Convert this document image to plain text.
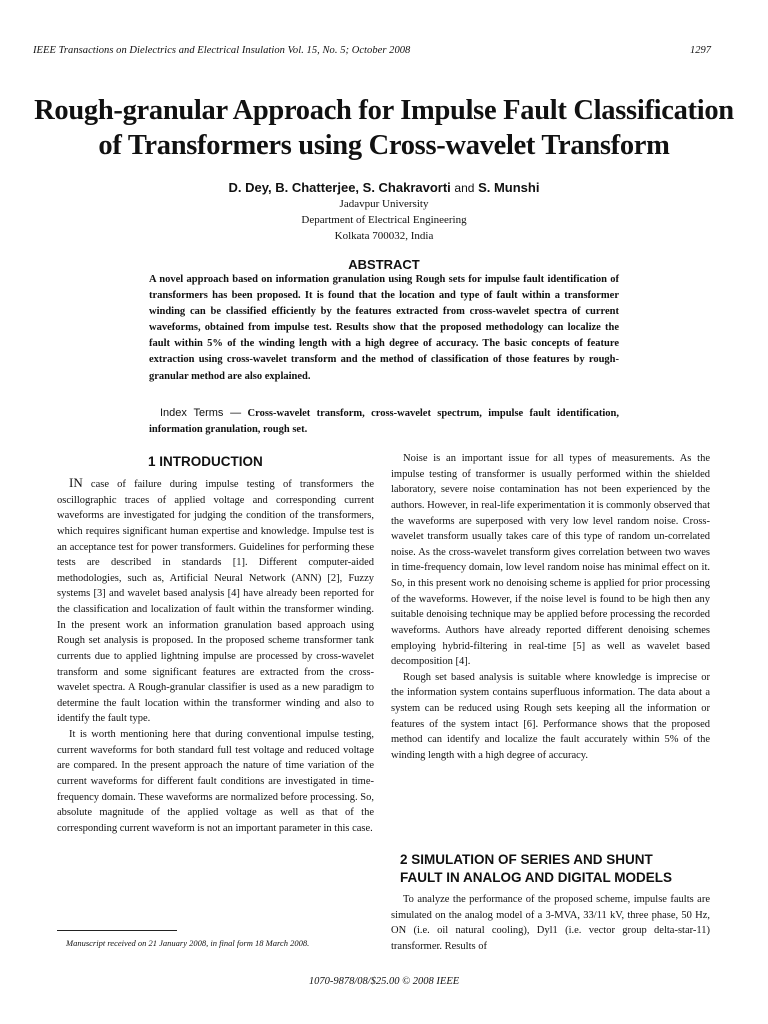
IEEE Transactions on Dielectrics and Electrical Insulation Vol. 15, No. 5; October 2008	1297
Rough-granular Approach for Impulse Fault Classification of Transformers using Cross-wavelet Transform
D. Dey, B. Chatterjee, S. Chakravorti and S. Munshi
Jadavpur University
Department of Electrical Engineering
Kolkata 700032, India
ABSTRACT
A novel approach based on information granulation using Rough sets for impulse fault identification of transformers has been proposed. It is found that the location and type of fault within a transformer winding can be classified efficiently by the features extracted from cross-wavelet spectra of current waveforms, obtained from impulse test. Results show that the proposed methodology can localize the fault within 5% of the winding length with a high degree of accuracy. The basic concepts of feature extraction using cross-wavelet transform and the method of classification of those features by rough-granular method are also explained.
Index Terms — Cross-wavelet transform, cross-wavelet spectrum, impulse fault identification, information granulation, rough set.
1 INTRODUCTION

IN case of failure during impulse testing of transformers the oscillographic traces of applied voltage and corresponding current waveforms are investigated for judging the condition of the transformers, which requires significant human expertise and knowledge. Impulse test is an acceptance test for power transformers. Guidelines for performing these tests are described in standards [1]. Different computer-aided methodologies, such as, Artificial Neural Network (ANN) [2], Fuzzy systems [3] and wavelet based analysis [4] have already been reported for the classification and localization of fault within the transformer winding. In the present work an information granulation based approach using Rough set analysis is proposed. In the proposed scheme transformer tank currents due to applied lightning impulse are processed by cross-wavelet transform and some significant features are extracted from the cross-wavelet spectra. A Rough-granular classifier is used as a new paradigm to determine the fault location within the transformer winding and also to identify the fault type.

It is worth mentioning here that during conventional impulse testing, current waveforms for both standard full test voltage and reduced voltage are compared. In the present approach the nature of time variation of the current waveforms for different fault conditions are investigated in time-frequency domain. These waveforms are normalized before processing. So, absolute magnitude of the applied voltage as well as that of the corresponding current waveform is not an important parameter in this case.

Manuscript received on 21 January 2008, in final form 18 March 2008.

Noise is an important issue for all types of measurements. As the impulse testing of transformer is usually performed within the shielded laboratory, severe noise contamination has not been experienced by the authors. However, in real-life experimentation it is commonly observed that the waveforms are superposed with very low level random noise. Cross-wavelet transform usually takes care of this type of random un-correlated noise. As the cross-wavelet transform gives correlation between two waves in time-frequency domain, low level random noise has minimal effect on it. So, in this present work no denoising scheme is applied for prior processing of the waveforms. However, if the noise level is found to be high then any suitable denoising technique may be applied before processing the recorded waveforms. Authors have already reported different denoising schemes employing hybrid-filtering in real-time [5] as well as wavelet based decomposition [4].

Rough set based analysis is suitable where knowledge is imprecise or the information system contains superfluous information. The data about a system can be reduced using Rough sets keeping all the information or features of the system intact [6]. Performance shows that the proposed method can identify and localize the fault accurately within 5% of the winding length with a high degree of accuracy.

2 SIMULATION OF SERIES AND SHUNT
FAULT IN ANALOG AND DIGITAL MODELS

To analyze the performance of the proposed scheme, impulse faults are simulated on the analog model of a 3-MVA, 33/11 kV, three phase, 50 Hz, ON (i.e. oil natural cooling), Dyl1 (i.e. vector group delta-star-11) transformer. Results of

1070-9878/08/$25.00 © 2008 IEEE
